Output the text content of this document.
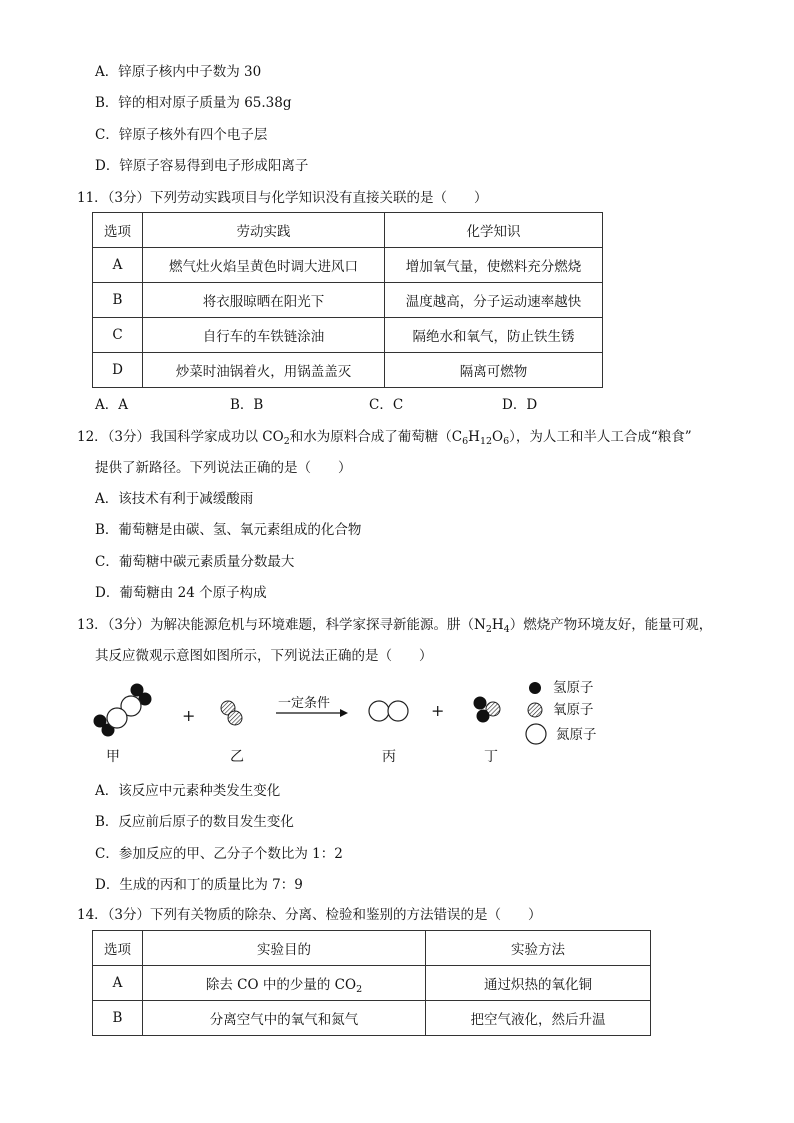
A．锌原子核内中子数为 30
B．锌的相对原子质量为 65.38g
C．锌原子核外有四个电子层
D．锌原子容易得到电子形成阳离子
11．（3分）下列劳动实践项目与化学知识没有直接关联的是（　　）
选项	劳动实践	化学知识
A	燃气灶火焰呈黄色时调大进风口	增加氧气量，使燃料充分燃烧
B	将衣服晾晒在阳光下	温度越高，分子运动速率越快
C	自行车的车铁链涂油	隔绝水和氧气，防止铁生锈
D	炒菜时油锅着火，用锅盖盖灭	隔离可燃物
A．A	B．B	C．C	D．D
12．（3分）我国科学家成功以 $CO_2$和水为原料合成了葡萄糖$(C_6H_{12}O_6)$，为人工和半人工合成“粮食”
提供了新路径。下列说法正确的是（　　）
A．该技术有利于减缓酸雨
B．葡萄糖是由碳、氢、氧元素组成的化合物
C．葡萄糖中碳元素质量分数最大
D．葡萄糖由 24 个原子构成
13．（3分）为解决能源危机与环境难题，科学家探寻新能源。肼$(N_2H_4)$燃烧产物环境友好，能量可观，
其反应微观示意图如图所示，下列说法正确的是（　　）
一定条件
+	+
甲	乙	丙	丁
氢原子
氧原子
氮原子
A．该反应中元素种类发生变化
B．反应前后原子的数目发生变化
C．参加反应的甲、乙分子个数比为 1：2
D．生成的丙和丁的质量比为 7：9
14．（3分）下列有关物质的除杂、分离、检验和鉴别的方法错误的是（　　）
选项	实验目的	实验方法
A	除去 CO 中的少量的 $CO_2$	通过炽热的氧化铜
B	分离空气中的氧气和氮气	把空气液化，然后升温
